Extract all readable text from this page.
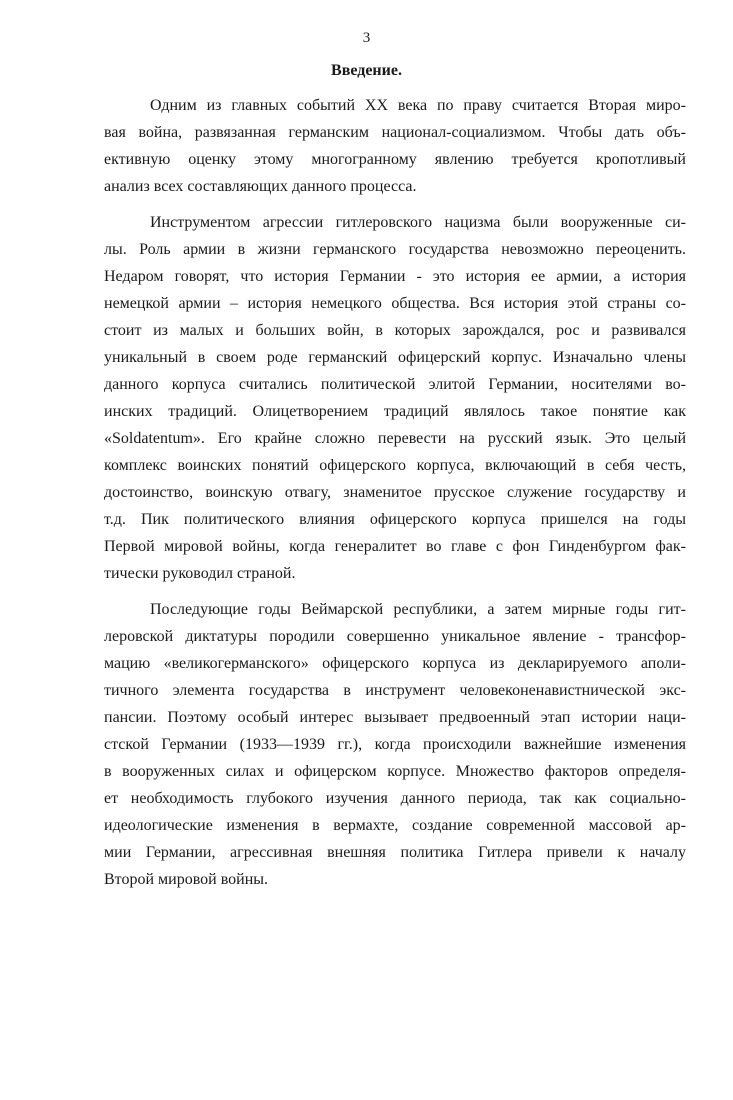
3
Введение.
Одним из главных событий XX века по праву считается Вторая миро-
вая война, развязанная германским национал-социализмом. Чтобы дать объ-
ективную оценку этому многогранному явлению требуется кропотливый
анализ всех составляющих данного процесса.
Инструментом агрессии гитлеровского нацизма были вооруженные си-
лы. Роль армии в жизни германского государства невозможно переоценить.
Недаром говорят, что история Германии - это история ее армии, а история
немецкой армии – история немецкого общества. Вся история этой страны со-
стоит из малых и больших войн, в которых зарождался, рос и развивался
уникальный в своем роде германский офицерский корпус. Изначально члены
данного корпуса считались политической элитой Германии, носителями во-
инских традиций. Олицетворением традиций являлось такое понятие как
«Soldatentum». Его крайне сложно перевести на русский язык. Это целый
комплекс воинских понятий офицерского корпуса, включающий в себя честь,
достоинство, воинскую отвагу, знаменитое прусское служение государству и
т.д. Пик политического влияния офицерского корпуса пришелся на годы
Первой мировой войны, когда генералитет во главе с фон Гинденбургом фак-
тически руководил страной.
Последующие годы Веймарской республики, а затем мирные годы гит-
леровской диктатуры породили совершенно уникальное явление - трансфор-
мацию «великогерманского» офицерского корпуса из декларируемого аполи-
тичного элемента государства в инструмент человеконенавистнической экс-
пансии. Поэтому особый интерес вызывает предвоенный этап истории наци-
стской Германии (1933—1939 гг.), когда происходили важнейшие изменения
в вооруженных силах и офицерском корпусе. Множество факторов определя-
ет необходимость глубокого изучения данного периода, так как социально-
идеологические изменения в вермахте, создание современной массовой ар-
мии Германии, агрессивная внешняя политика Гитлера привели к началу
Второй мировой войны.
